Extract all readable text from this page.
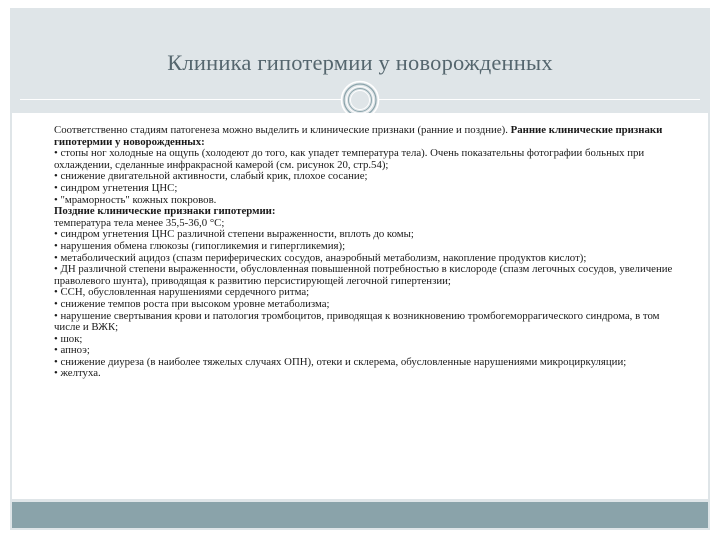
Клиника гипотермии у новорожденных
Соответственно стадиям патогенеза можно выделить и клинические признаки (ранние и поздние). Ранние клинические признаки гипотермии у новорожденных:
• стопы ног холодные на ощупь (холодеют до того, как упадет температура тела). Очень показательны фотографии больных при охлаждении, сделанные инфракрасной камерой (см. рисунок 20, стр.54);
• снижение двигательной активности, слабый крик, плохое сосание;
• синдром угнетения ЦНС;
• "мраморность" кожных покровов.
Поздние клинические признаки гипотермии:
температура тела менее 35,5-36,0 °С;
• синдром угнетения ЦНС различной степени выраженности, вплоть до комы;
• нарушения обмена глюкозы (гипогликемия и гипергликемия);
• метаболический ацидоз (спазм периферических сосудов, анаэробный метаболизм, накопление продуктов кислот);
• ДН различной степени выраженности, обусловленная повышенной потребностью в кислороде (спазм легочных сосудов, увеличение праволевого шунта), приводящая к развитию персистирующей легочной гипертензии;
• ССН, обусловленная нарушениями сердечного ритма;
• снижение темпов роста при высоком уровне метаболизма;
• нарушение свертывания крови и патология тромбоцитов, приводящая к возникновению тромбогеморрагического синдрома, в том числе и ВЖК;
• шок;
• апноэ;
• снижение диуреза (в наиболее тяжелых случаях ОПН), отеки и склерема, обусловленные нарушениями микроциркуляции;
• желтуха.
